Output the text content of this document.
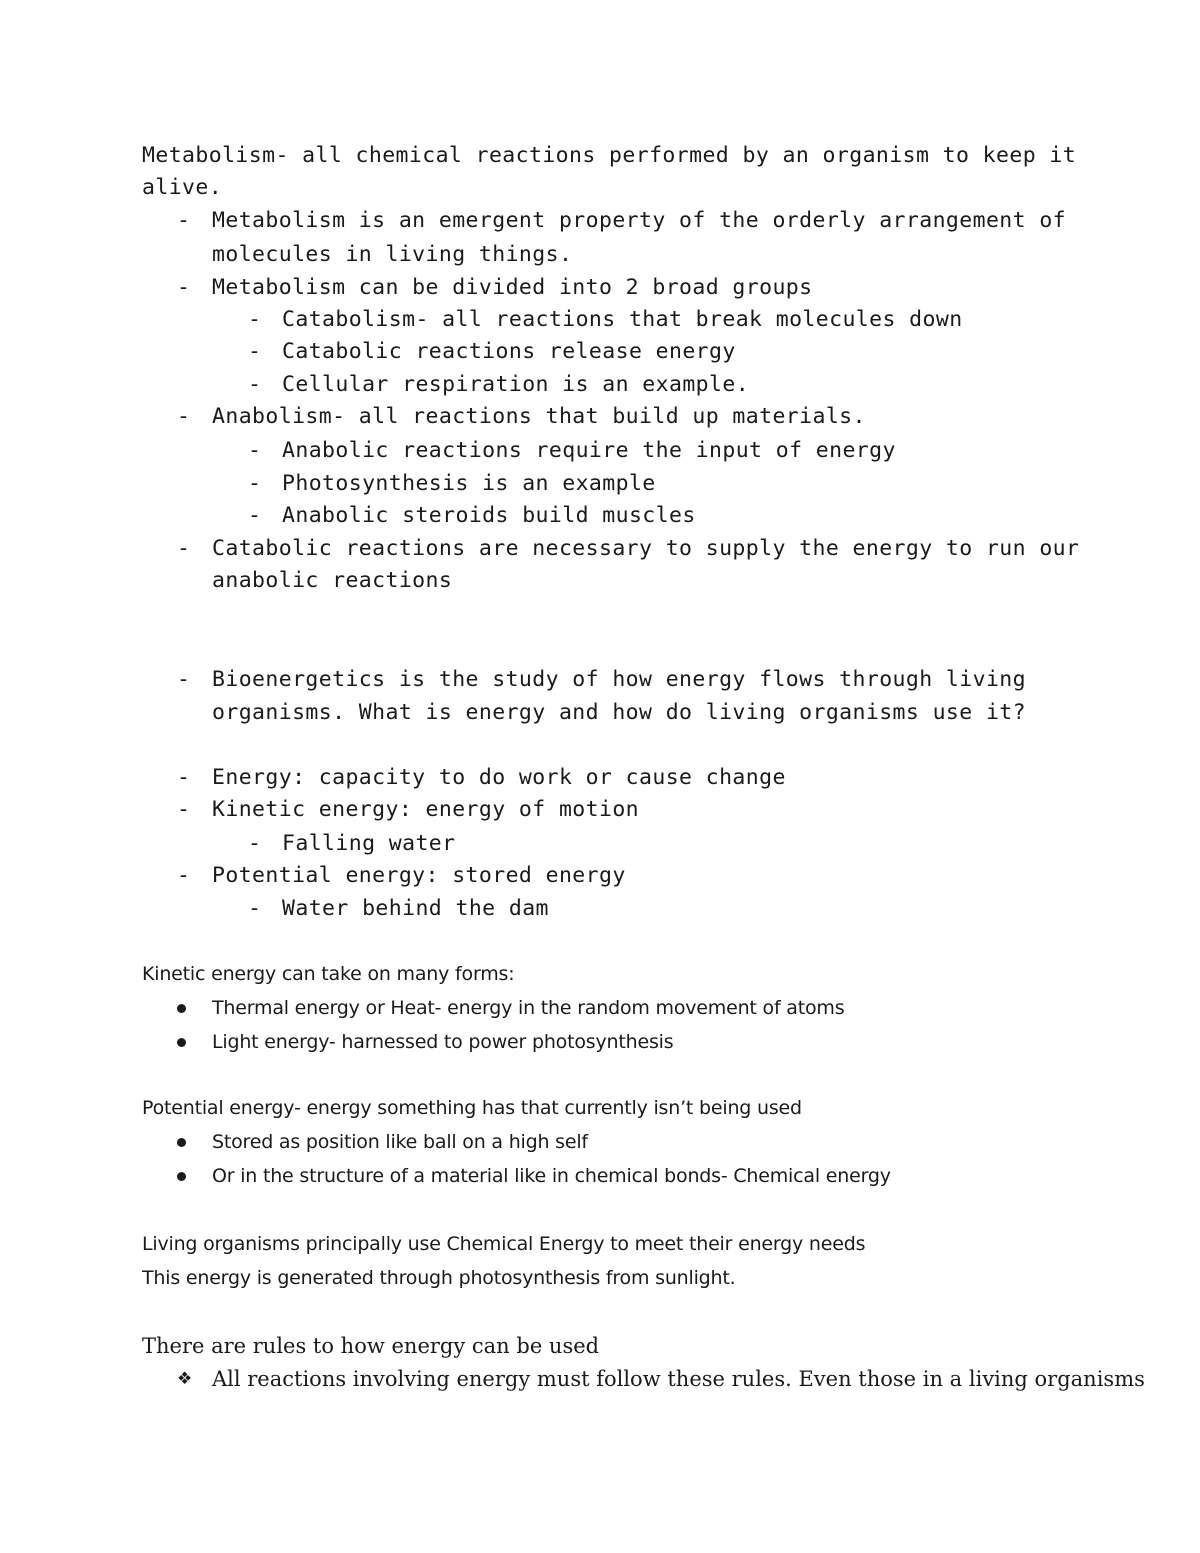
Metabolism- all chemical reactions performed by an organism to keep it

alive.

- Metabolism is an emergent property of the orderly arrangement of
molecules in living things.
- Metabolism can be divided into 2 broad groups
- Catabolism- all reactions that break molecules down
- Catabolic reactions release energy
- Cellular respiration is an example.
- Anabolism- all reactions that build up materials.
- Anabolic reactions require the input of energy
- Photosynthesis is an example
- Anabolic steroids build muscles
- Catabolic reactions are necessary to supply the energy to run our
anabolic reactions
- Bioenergetics is the study of how energy flows through living
organisms. What is energy and how do living organisms use it?
- Energy: capacity to do work or cause change
- Kinetic energy: energy of motion
- Falling water
- Potential energy: stored energy
- Water behind the dam

Kinetic energy can take on many forms:

Thermal energy or Heat- energy in the random movement of atoms
Light energy- harnessed to power photosynthesis

Potential energy- energy something has that currently isn’t being used

Stored as position like ball on a high self
Or in the structure of a material like in chemical bonds- Chemical energy

Living organisms principally use Chemical Energy to meet their energy needs

This energy is generated through photosynthesis from sunlight.

There are rules to how energy can be used

❖ All reactions involving energy must follow these rules. Even those in a living organisms
